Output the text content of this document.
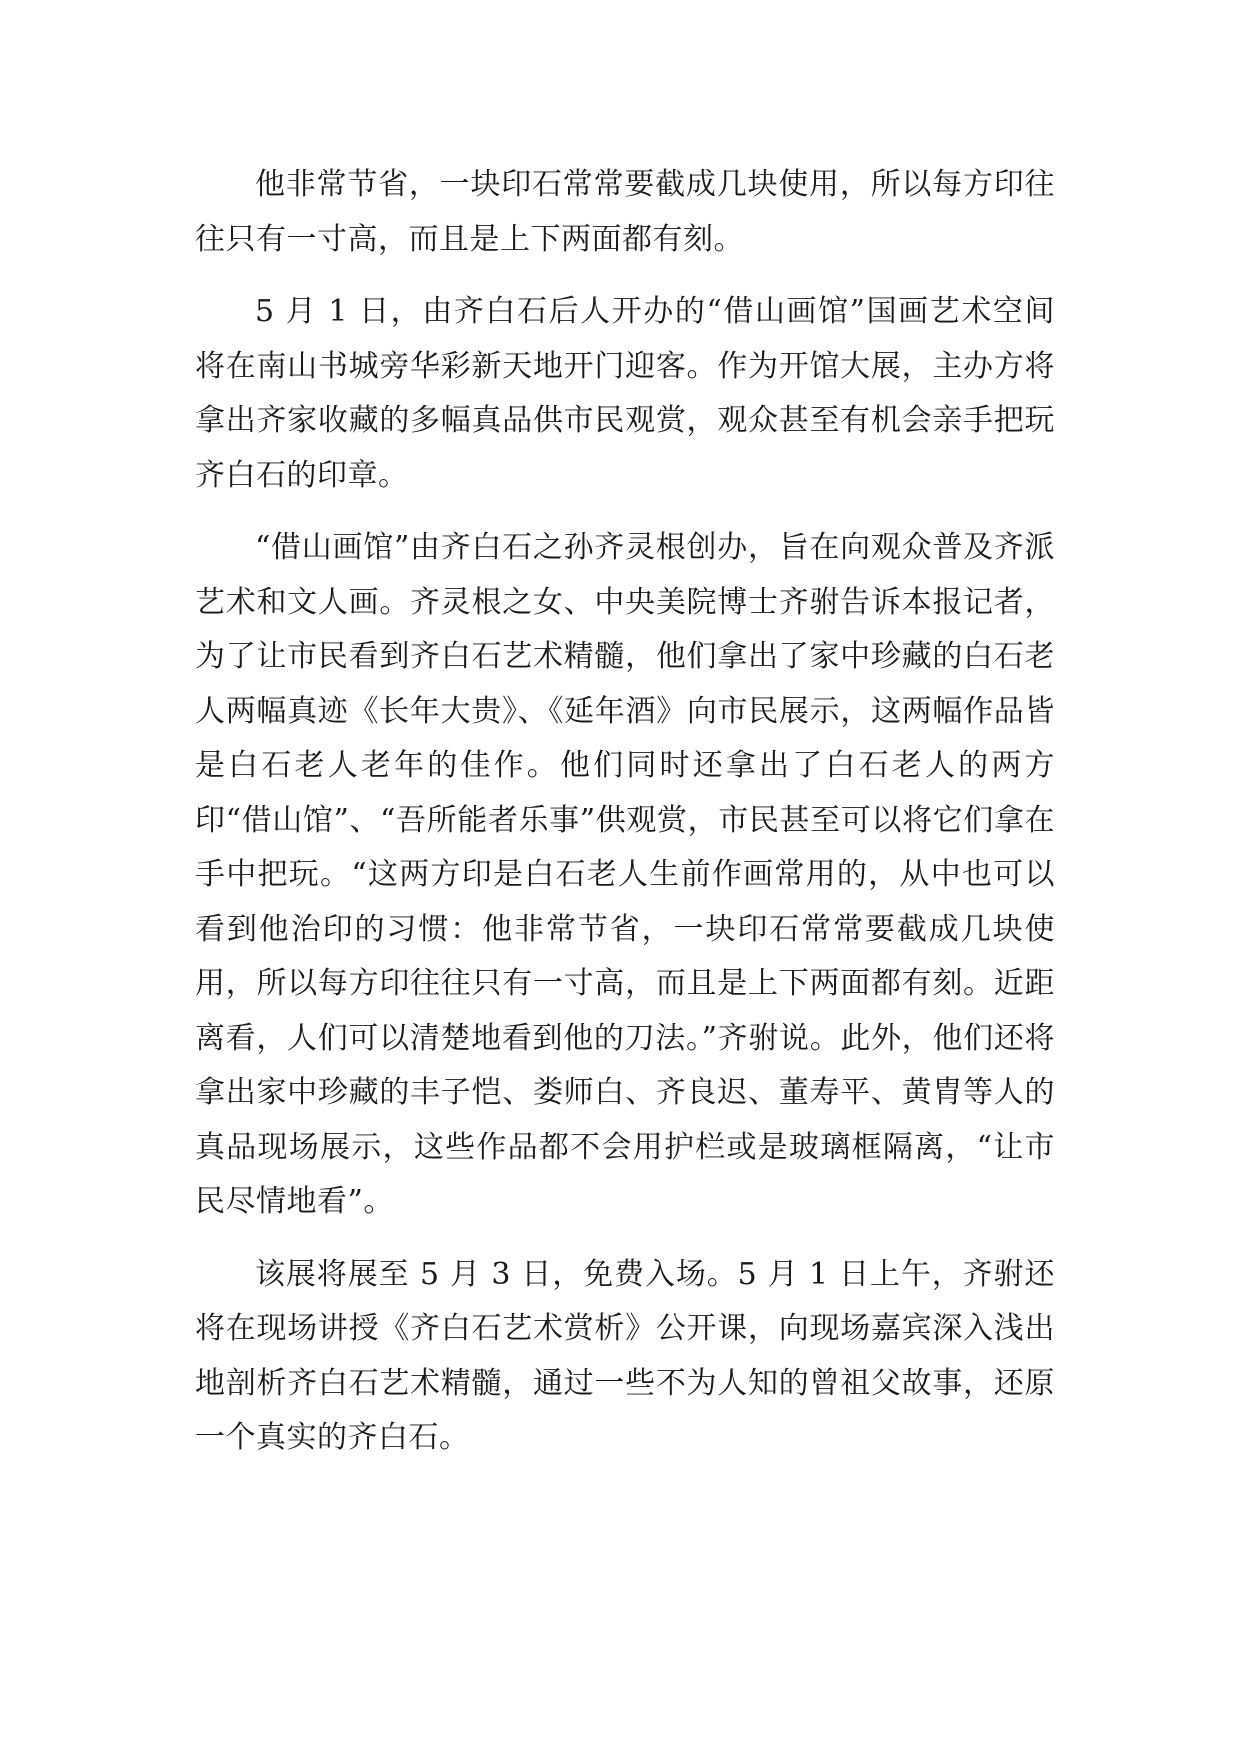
他非常节省，一块印石常常要截成几块使用，所以每方印往往只有一寸高，而且是上下两面都有刻。

5 月 1 日，由齐白石后人开办的“借山画馆”国画艺术空间将在南山书城旁华彩新天地开门迎客。作为开馆大展，主办方将拿出齐家收藏的多幅真品供市民观赏，观众甚至有机会亲手把玩齐白石的印章。

“借山画馆”由齐白石之孙齐灵根创办，旨在向观众普及齐派艺术和文人画。齐灵根之女、中央美院博士齐驸告诉本报记者，为了让市民看到齐白石艺术精髓，他们拿出了家中珍藏的白石老人两幅真迹《长年大贵》、《延年酒》向市民展示，这两幅作品皆是白石老人老年的佳作。他们同时还拿出了白石老人的两方印“借山馆”、“吾所能者乐事”供观赏，市民甚至可以将它们拿在手中把玩。“这两方印是白石老人生前作画常用的，从中也可以看到他治印的习惯：他非常节省，一块印石常常要截成几块使用，所以每方印往往只有一寸高，而且是上下两面都有刻。近距离看，人们可以清楚地看到他的刀法。”齐驸说。此外，他们还将拿出家中珍藏的丰子恺、娄师白、齐良迟、董寿平、黄胄等人的真品现场展示，这些作品都不会用护栏或是玻璃框隔离，“让市民尽情地看”。

该展将展至 5 月 3 日，免费入场。5 月 1 日上午，齐驸还将在现场讲授《齐白石艺术赏析》公开课，向现场嘉宾深入浅出地剖析齐白石艺术精髓，通过一些不为人知的曾祖父故事，还原一个真实的齐白石。
